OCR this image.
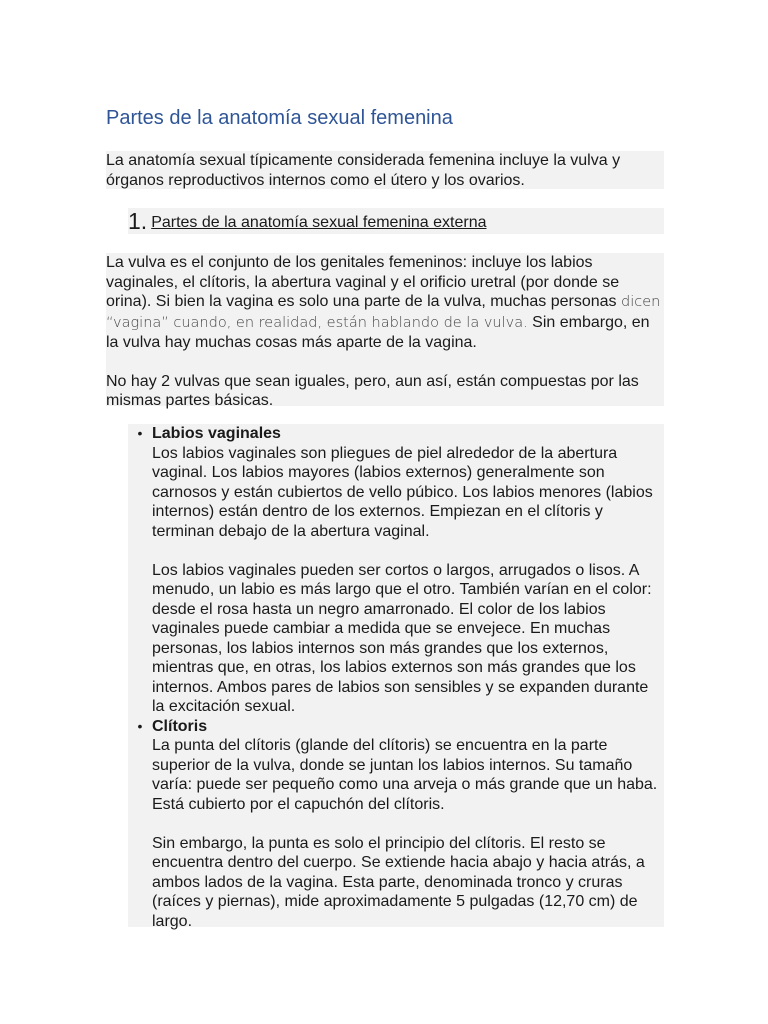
Partes de la anatomía sexual femenina
La anatomía sexual típicamente considerada femenina incluye la vulva y órganos reproductivos internos como el útero y los ovarios.
1. Partes de la anatomía sexual femenina externa

La vulva es el conjunto de los genitales femeninos: incluye los labios vaginales, el clítoris, la abertura vaginal y el orificio uretral (por donde se orina). Si bien la vagina es solo una parte de la vulva, muchas personas dicen “vagina” cuando, en realidad, están hablando de la vulva. Sin embargo, en la vulva hay muchas cosas más aparte de la vagina.

No hay 2 vulvas que sean iguales, pero, aun así, están compuestas por las mismas partes básicas.

• Labios vaginales

Los labios vaginales son pliegues de piel alrededor de la abertura vaginal. Los labios mayores (labios externos) generalmente son carnosos y están cubiertos de vello púbico. Los labios menores (labios internos) están dentro de los externos. Empiezan en el clítoris y terminan debajo de la abertura vaginal.

Los labios vaginales pueden ser cortos o largos, arrugados o lisos. A menudo, un labio es más largo que el otro. También varían en el color: desde el rosa hasta un negro amarronado. El color de los labios vaginales puede cambiar a medida que se envejece. En muchas personas, los labios internos son más grandes que los externos, mientras que, en otras, los labios externos son más grandes que los internos. Ambos pares de labios son sensibles y se expanden durante la excitación sexual.

• Clítoris

La punta del clítoris (glande del clítoris) se encuentra en la parte superior de la vulva, donde se juntan los labios internos. Su tamaño varía: puede ser pequeño como una arveja o más grande que un haba. Está cubierto por el capuchón del clítoris.

Sin embargo, la punta es solo el principio del clítoris. El resto se encuentra dentro del cuerpo. Se extiende hacia abajo y hacia atrás, a ambos lados de la vagina. Esta parte, denominada tronco y cruras (raíces y piernas), mide aproximadamente 5 pulgadas (12,70 cm) de largo.
